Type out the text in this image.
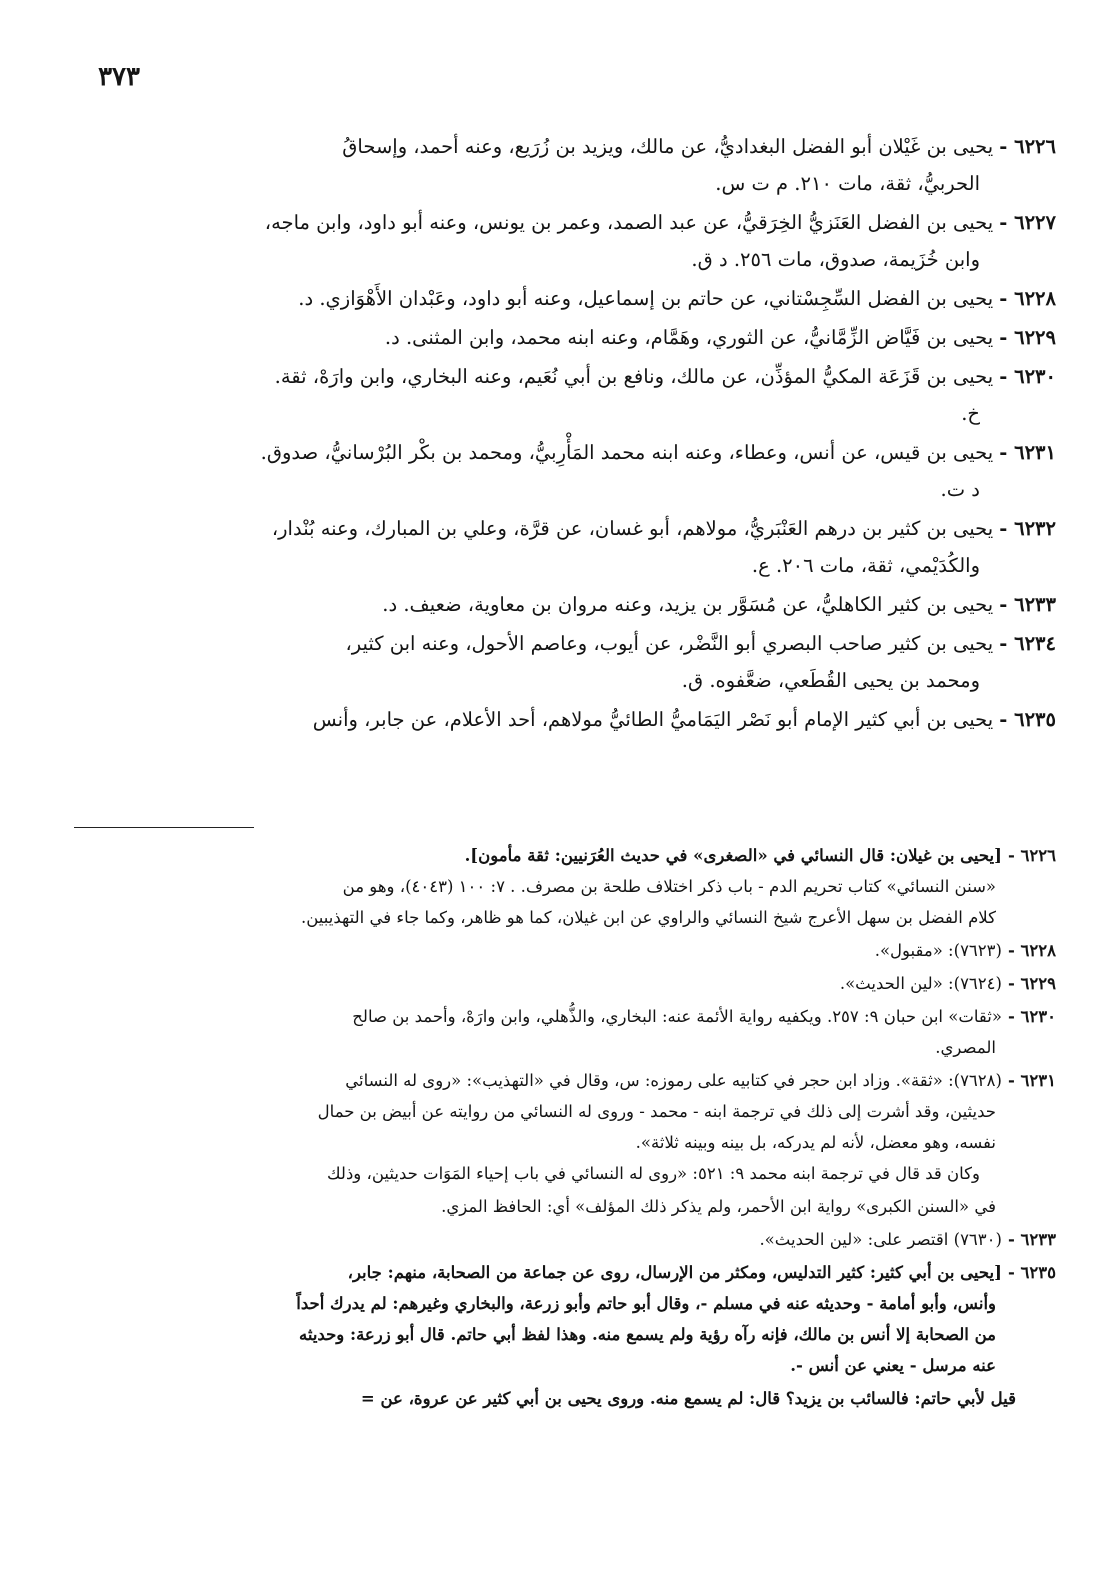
٣٧٣
٦٢٢٦ -يحيى بن غَيْلان أبو الفضل البغداديُّ، عن مالك، ويزيد بن زُرَيع، وعنه أحمد، وإسحاقُ
الحربيُّ، ثقة، مات ٢١٠. م ت س.
٦٢٢٧ -يحيى بن الفضل العَنَزيُّ الخِرَقيُّ، عن عبد الصمد، وعمر بن يونس، وعنه أبو داود، وابن ماجه،
وابن خُزَيمة، صدوق، مات ٢٥٦. د ق.
٦٢٢٨ -يحيى بن الفضل السِّجِسْتاني، عن حاتم بن إسماعيل، وعنه أبو داود، وعَبْدان الأَهْوَازي. د.
٦٢٢٩ -يحيى بن فَيَّاض الزِّمَّانيُّ، عن الثوري، وهَمَّام، وعنه ابنه محمد، وابن المثنى. د.
٦٢٣٠ -يحيى بن قَزَعَة المكيُّ المؤذِّن، عن مالك، ونافع بن أبي نُعَيم، وعنه البخاري، وابن وارَهْ، ثقة.
خ.
٦٢٣١ -يحيى بن قيس، عن أنس، وعطاء، وعنه ابنه محمد المَأْرِبيُّ، ومحمد بن بكْر البُرْسانيُّ، صدوق.
د ت.
٦٢٣٢ -يحيى بن كثير بن درهم العَنْبَريُّ، مولاهم، أبو غسان، عن قرَّة، وعلي بن المبارك، وعنه بُنْدار،
والكُدَيْمي، ثقة، مات ٢٠٦. ع.
٦٢٣٣ -يحيى بن كثير الكاهليُّ، عن مُسَوَّر بن يزيد، وعنه مروان بن معاوية، ضعيف. د.
٦٢٣٤ -يحيى بن كثير صاحب البصري أبو النَّضْر، عن أيوب، وعاصم الأحول، وعنه ابن كثير،
ومحمد بن يحيى القُطَعي، ضعَّفوه. ق.
٦٢٣٥ -يحيى بن أبي كثير الإمام أبو نَصْر اليَمَاميُّ الطائيُّ مولاهم، أحد الأعلام، عن جابر، وأنس
٦٢٢٦ -[يحيى بن غيلان: قال النسائي في «الصغرى» في حديث العُرَنيين: ثقة مأمون].
«سنن النسائي» كتاب تحريم الدم - باب ذكر اختلاف طلحة بن مصرف. . ٧: ١٠٠ (٤٠٤٣)، وهو من
كلام الفضل بن سهل الأعرج شيخ النسائي والراوي عن ابن غيلان، كما هو ظاهر، وكما جاء في التهذيبين.
٦٢٢٨ -(٧٦٢٣): «مقبول».
٦٢٢٩ -(٧٦٢٤): «لين الحديث».
٦٢٣٠ -«ثقات» ابن حبان ٩: ٢٥٧. ويكفيه رواية الأئمة عنه: البخاري، والذُّهلي، وابن وارَهْ، وأحمد بن صالح
المصري.
٦٢٣١ -(٧٦٢٨): «ثقة». وزاد ابن حجر في كتابيه على رموزه: س، وقال في «التهذيب»: «روى له النسائي
حديثين، وقد أشرت إلى ذلك في ترجمة ابنه - محمد - وروى له النسائي من روايته عن أبيض بن حمال
نفسه، وهو معضل، لأنه لم يدركه، بل بينه وبينه ثلاثة».
وكان قد قال في ترجمة ابنه محمد ٩: ٥٢١: «روى له النسائي في باب إحياء المَوَات حديثين، وذلك
في «السنن الكبرى» رواية ابن الأحمر، ولم يذكر ذلك المؤلف» أي: الحافظ المزي.
٦٢٣٣ -(٧٦٣٠) اقتصر على: «لين الحديث».
٦٢٣٥ -[يحيى بن أبي كثير: كثير التدليس، ومكثر من الإرسال، روى عن جماعة من الصحابة، منهم: جابر،
وأنس، وأبو أمامة - وحديثه عنه في مسلم -، وقال أبو حاتم وأبو زرعة، والبخاري وغيرهم: لم يدرك أحداً
من الصحابة إلا أنس بن مالك، فإنه رآه رؤية ولم يسمع منه. وهذا لفظ أبي حاتم. قال أبو زرعة: وحديثه
عنه مرسل - يعني عن أنس -.
قيل لأبي حاتم: فالسائب بن يزيد؟ قال: لم يسمع منه. وروى يحيى بن أبي كثير عن عروة، عن =
